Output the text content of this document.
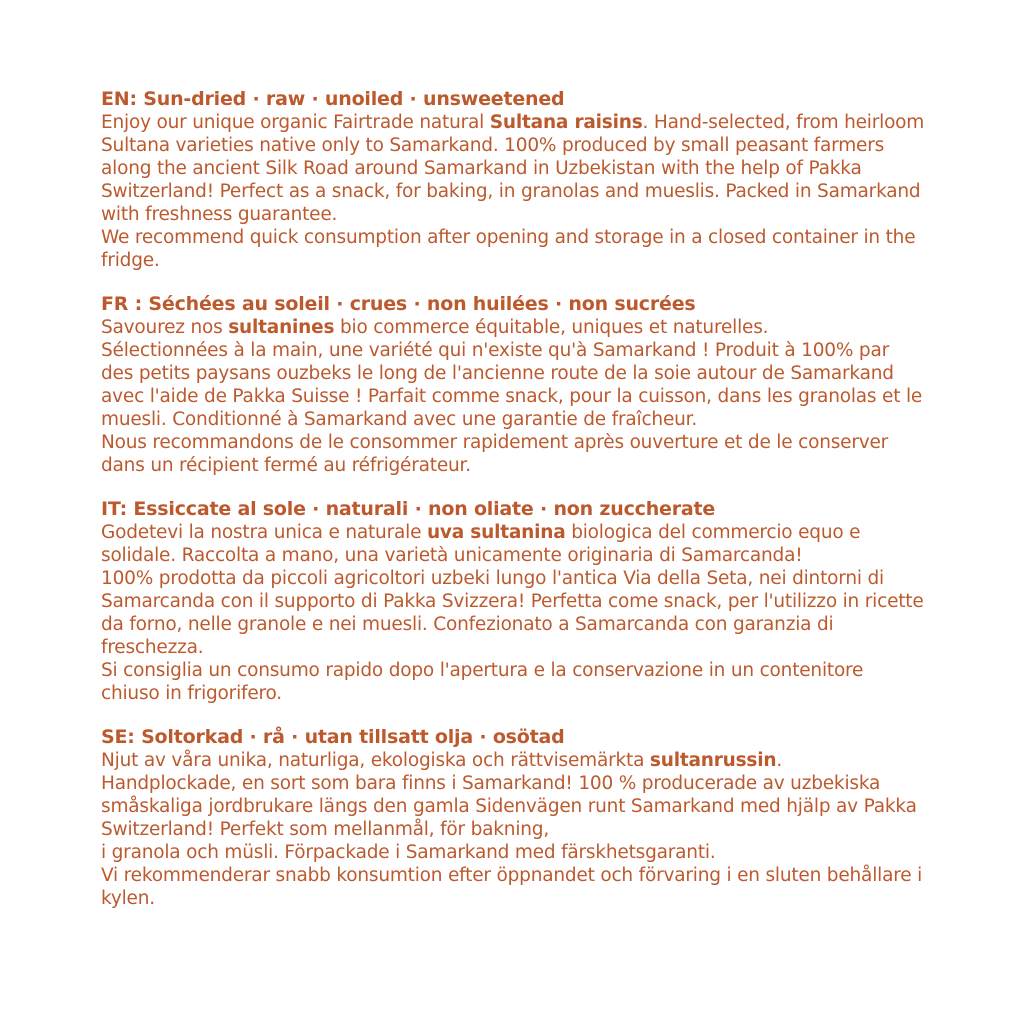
EN: Sun-dried · raw · unoiled · unsweetened

Enjoy our unique organic Fairtrade natural Sultana raisins. Hand-selected, from heirloom Sultana varieties native only to Samarkand. 100% produced by small peasant farmers along the ancient Silk Road around Samarkand in Uzbekistan with the help of Pakka Switzerland! Perfect as a snack, for baking, in granolas and mueslis. Packed in Samarkand with freshness guarantee.

We recommend quick consumption after opening and storage in a closed container in the fridge.

FR : Séchées au soleil · crues · non huilées · non sucrées

Savourez nos sultanines bio commerce équitable, uniques et naturelles.

Sélectionnées à la main, une variété qui n'existe qu'à Samarkand ! Produit à 100% par des petits paysans ouzbeks le long de l'ancienne route de la soie autour de Samarkand avec l'aide de Pakka Suisse ! Parfait comme snack, pour la cuisson, dans les granolas et le muesli. Conditionné à Samarkand avec une garantie de fraîcheur.

Nous recommandons de le consommer rapidement après ouverture et de le conserver dans un récipient fermé au réfrigérateur.

IT: Essiccate al sole · naturali · non oliate · non zuccherate

Godetevi la nostra unica e naturale uva sultanina biologica del commercio equo e solidale. Raccolta a mano, una varietà unicamente originaria di Samarcanda!

100% prodotta da piccoli agricoltori uzbeki lungo l'antica Via della Seta, nei dintorni di Samarcanda con il supporto di Pakka Svizzera! Perfetta come snack, per l'utilizzo in ricette da forno, nelle granole e nei muesli. Confezionato a Samarcanda con garanzia di freschezza.

Si consiglia un consumo rapido dopo l'apertura e la conservazione in un contenitore chiuso in frigorifero.

SE: Soltorkad · rå · utan tillsatt olja · osötad

Njut av våra unika, naturliga, ekologiska och rättvisemärkta sultanrussin.

Handplockade, en sort som bara finns i Samarkand! 100 % producerade av uzbekiska småskaliga jordbrukare längs den gamla Sidenvägen runt Samarkand med hjälp av Pakka Switzerland! Perfekt som mellanmål, för bakning,

i granola och müsli. Förpackade i Samarkand med färskhetsgaranti.

Vi rekommenderar snabb konsumtion efter öppnandet och förvaring i en sluten behållare i kylen.
